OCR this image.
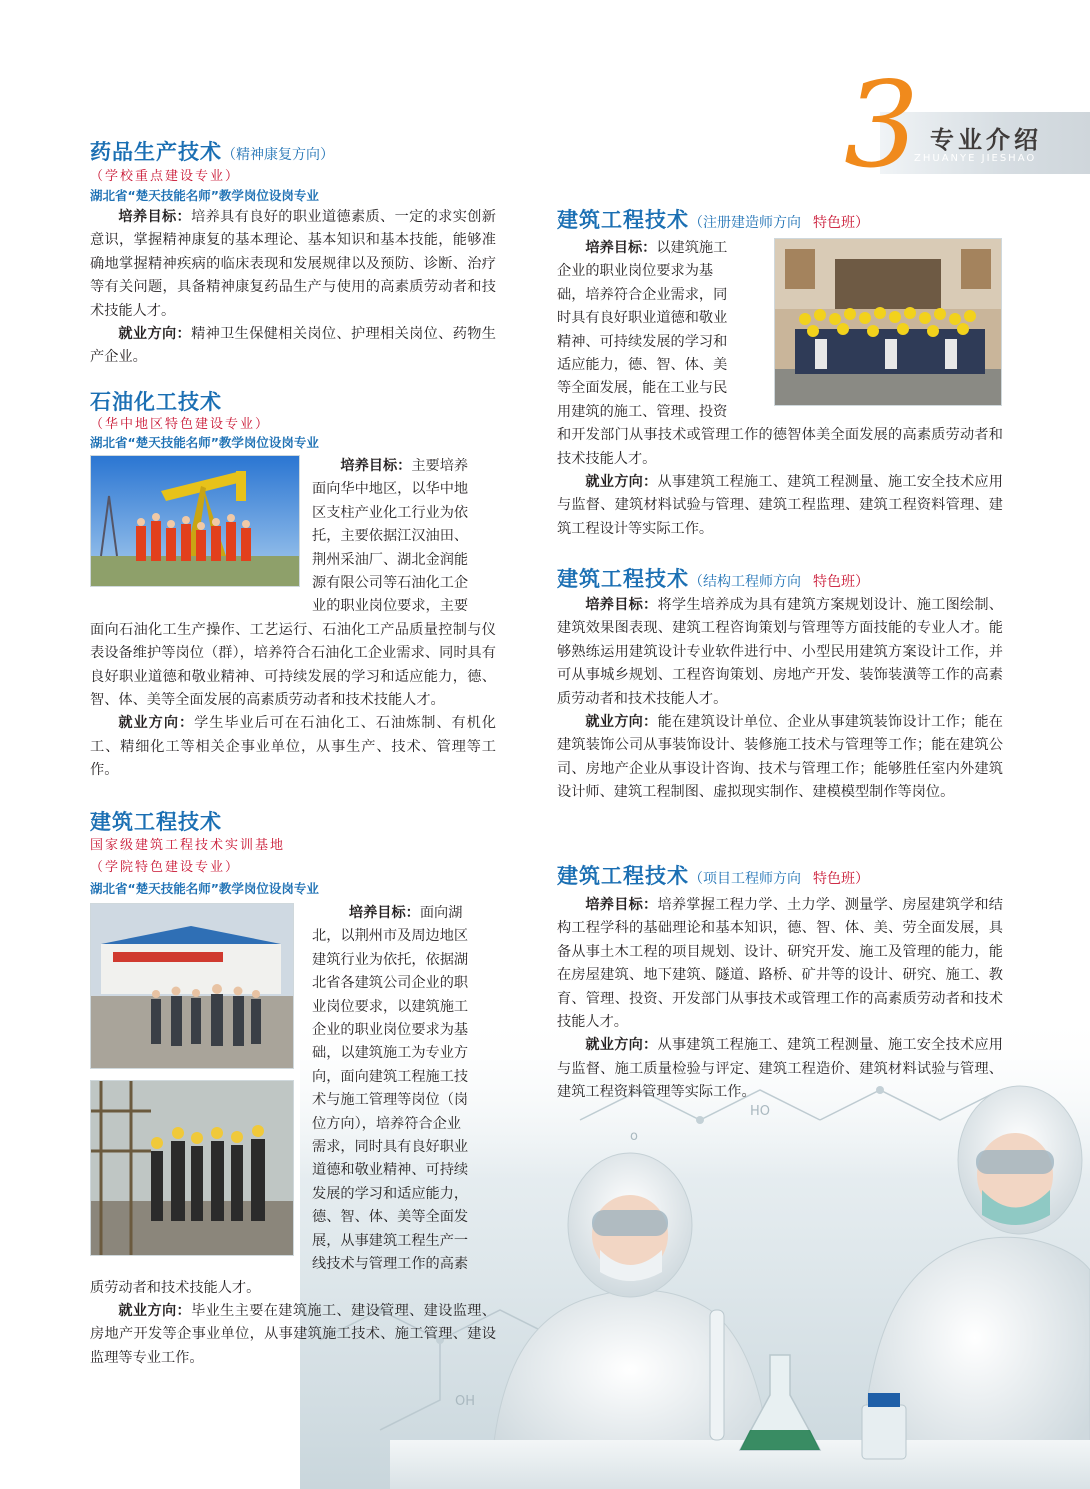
HO
o
OH
3 专业介绍
ZHUANYE JIESHAO
药品生产技术（精神康复方向）
（学校重点建设专业）
湖北省“楚天技能名师”教学岗位设岗专业

培养目标：培养具有良好的职业道德素质、一定的求实创新意识，掌握精神康复的基本理论、基本知识和基本技能，能够准确地掌握精神疾病的临床表现和发展规律以及预防、诊断、治疗等有关问题，具备精神康复药品生产与使用的高素质劳动者和技术技能人才。

就业方向：精神卫生保健相关岗位、护理相关岗位、药物生产企业。

石油化工技术
（华中地区特色建设专业）
湖北省“楚天技能名师”教学岗位设岗专业
培养目标：主要培养
面向华中地区，以华中地
区支柱产业化工行业为依
托，主要依据江汉油田、
荆州采油厂、湖北金润能
源有限公司等石油化工企
业的职业岗位要求，主要
面向石油化工生产操作、工艺运行、石油化工产品质量控制与仪表设备维护等岗位（群），培养符合石油化工企业需求、同时具有良好职业道德和敬业精神、可持续发展的学习和适应能力，德、智、体、美等全面发展的高素质劳动者和技术技能人才。

就业方向：学生毕业后可在石油化工、石油炼制、有机化工、精细化工等相关企事业单位，从事生产、技术、管理等工作。

建筑工程技术
国家级建筑工程技术实训基地
（学院特色建设专业）
湖北省“楚天技能名师”教学岗位设岗专业
培养目标：面向湖
北，以荆州市及周边地区
建筑行业为依托，依据湖
北省各建筑公司企业的职
业岗位要求，以建筑施工
企业的职业岗位要求为基
础，以建筑施工为专业方
向，面向建筑工程施工技
术与施工管理等岗位（岗
位方向），培养符合企业
需求，同时具有良好职业
道德和敬业精神、可持续
发展的学习和适应能力，
德、智、体、美等全面发
展，从事建筑工程生产一
线技术与管理工作的高素
质劳动者和技术技能人才。

就业方向：毕业生主要在建筑施工、建设管理、建设监理、房地产开发等企事业单位，从事建筑施工技术、施工管理、建设监理等专业工作。

建筑工程技术（注册建造师方向 特色班）
培养目标：以建筑施工
企业的职业岗位要求为基
础，培养符合企业需求，同
时具有良好职业道德和敬业
精神、可持续发展的学习和
适应能力，德、智、体、美
等全面发展，能在工业与民
用建筑的施工、管理、投资
和开发部门从事技术或管理工作的德智体美全面发展的高素质劳动者和技术技能人才。

就业方向：从事建筑工程施工、建筑工程测量、施工安全技术应用与监督、建筑材料试验与管理、建筑工程监理、建筑工程资料管理、建筑工程设计等实际工作。

建筑工程技术（结构工程师方向 特色班）

培养目标：将学生培养成为具有建筑方案规划设计、施工图绘制、建筑效果图表现、建筑工程咨询策划与管理等方面技能的专业人才。能够熟练运用建筑设计专业软件进行中、小型民用建筑方案设计工作，并可从事城乡规划、工程咨询策划、房地产开发、装饰装潢等工作的高素质劳动者和技术技能人才。

就业方向：能在建筑设计单位、企业从事建筑装饰设计工作；能在建筑装饰公司从事装饰设计、装修施工技术与管理等工作；能在建筑公司、房地产企业从事设计咨询、技术与管理工作；能够胜任室内外建筑设计师、建筑工程制图、虚拟现实制作、建模模型制作等岗位。

建筑工程技术（项目工程师方向 特色班）

培养目标：培养掌握工程力学、土力学、测量学、房屋建筑学和结构工程学科的基础理论和基本知识，德、智、体、美、劳全面发展，具备从事土木工程的项目规划、设计、研究开发、施工及管理的能力，能在房屋建筑、地下建筑、隧道、路桥、矿井等的设计、研究、施工、教育、管理、投资、开发部门从事技术或管理工作的高素质劳动者和技术技能人才。

就业方向：从事建筑工程施工、建筑工程测量、施工安全技术应用与监督、施工质量检验与评定、建筑工程造价、建筑材料试验与管理、建筑工程资料管理等实际工作。
